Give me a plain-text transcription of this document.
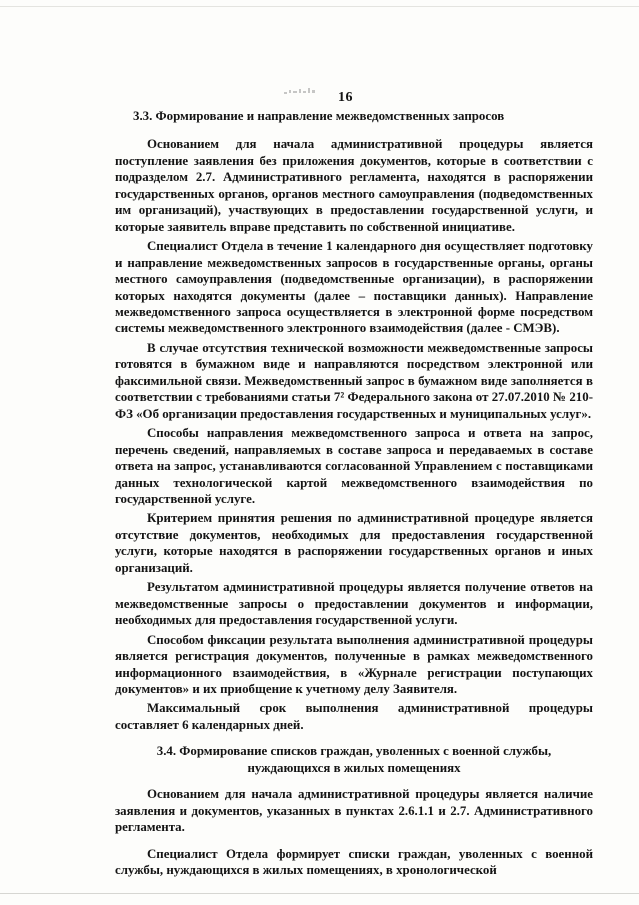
16
3.3. Формирование и направление межведомственных запросов

Основанием для начала административной процедуры является поступление заявления без приложения документов, которые в соответствии с подразделом 2.7. Административного регламента, находятся в распоряжении государственных органов, органов местного самоуправления (подведомственных им организаций), участвующих в предоставлении государственной услуги, и которые заявитель вправе представить по собственной инициативе.

Специалист Отдела в течение 1 календарного дня осуществляет подготовку и направление межведомственных запросов в государственные органы, органы местного самоуправления (подведомственные организации), в распоряжении которых находятся документы (далее – поставщики данных). Направление межведомственного запроса осуществляется в электронной форме посредством системы межведомственного электронного взаимодействия (далее - СМЭВ).

В случае отсутствия технической возможности межведомственные запросы готовятся в бумажном виде и направляются посредством электронной или факсимильной связи. Межведомственный запрос в бумажном виде заполняется в соответствии с требованиями статьи 7² Федерального закона от 27.07.2010 № 210-ФЗ «Об организации предоставления государственных и муниципальных услуг».

Способы направления межведомственного запроса и ответа на запрос, перечень сведений, направляемых в составе запроса и передаваемых в составе ответа на запрос, устанавливаются согласованной Управлением с поставщиками данных технологической картой межведомственного взаимодействия по государственной услуге.

Критерием принятия решения по административной процедуре является отсутствие документов, необходимых для предоставления государственной услуги, которые находятся в распоряжении государственных органов и иных организаций.

Результатом административной процедуры является получение ответов на межведомственные запросы о предоставлении документов и информации, необходимых для предоставления государственной услуги.

Способом фиксации результата выполнения административной процедуры является регистрация документов, полученные в рамках межведомственного информационного взаимодействия, в «Журнале регистрации поступающих документов» и их приобщение к учетному делу Заявителя.

Максимальный срок выполнения административной процедуры составляет 6 календарных дней.

3.4. Формирование списков граждан, уволенных с военной службы,
нуждающихся в жилых помещениях

Основанием для начала административной процедуры является наличие заявления и документов, указанных в пунктах 2.6.1.1 и 2.7. Административного регламента.

Специалист Отдела формирует списки граждан, уволенных с военной службы, нуждающихся в жилых помещениях, в хронологической
